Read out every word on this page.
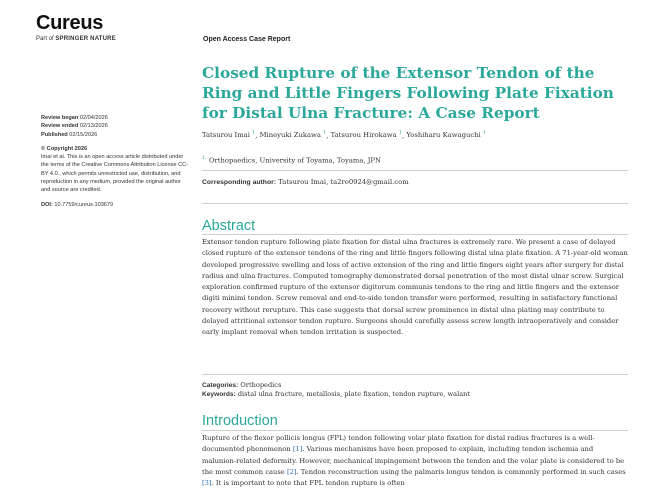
Cureus
Part of SPRINGER NATURE	Open Access Case Report
Closed Rupture of the Extensor Tendon of the Ring and Little Fingers Following Plate Fixation for Distal Ulna Fracture: A Case Report
Tatsurou Imai $^1$, Mineyuki Zukawa $^1$, Tatsurou Hirokawa $^1$, Yoshiharu Kawaguchi $^1$
$^{1.}$ Orthopaedics, University of Toyama, Toyama, JPN
Corresponding author: Tatsurou Imai, ta2ro0924@gmail.com
Review began 02/04/2026
Review ended 02/13/2026
Published 02/15/2026
© Copyright 2026
Imai et al. This is an open access article distributed under the terms of the Creative Commons Attribution License CC-BY 4.0., which permits unrestricted use, distribution, and reproduction in any medium, provided the original author and source are credited.
DOI: 10.7759/cureus.103679
Abstract

Extensor tendon rupture following plate fixation for distal ulna fractures is extremely rare. We present a case of delayed closed rupture of the extensor tendons of the ring and little fingers following distal ulna plate fixation. A 71-year-old woman developed progressive swelling and loss of active extension of the ring and little fingers eight years after surgery for distal radius and ulna fractures. Computed tomography demonstrated dorsal penetration of the most distal ulnar screw. Surgical exploration confirmed rupture of the extensor digitorum communis tendons to the ring and little fingers and the extensor digiti minimi tendon. Screw removal and end-to-side tendon transfer were performed, resulting in satisfactory functional recovery without rerupture. This case suggests that dorsal screw prominence in distal ulna plating may contribute to delayed attritional extensor tendon rupture. Surgeons should carefully assess screw length intraoperatively and consider early implant removal when tendon irritation is suspected.

Categories: Orthopedics
Keywords: distal ulna fracture, metallosis, plate fixation, tendon rupture, walant
Introduction

Rupture of the flexor pollicis longus (FPL) tendon following volar plate fixation for distal radius fractures is a well-documented phenomenon [1]. Various mechanisms have been proposed to explain, including tendon ischemia and malunion-related deformity. However, mechanical impingement between the tendon and the volar plate is considered to be the most common cause [2]. Tendon reconstruction using the palmaris longus tendon is commonly performed in such cases [3]. It is important to note that FPL tendon rupture is often
